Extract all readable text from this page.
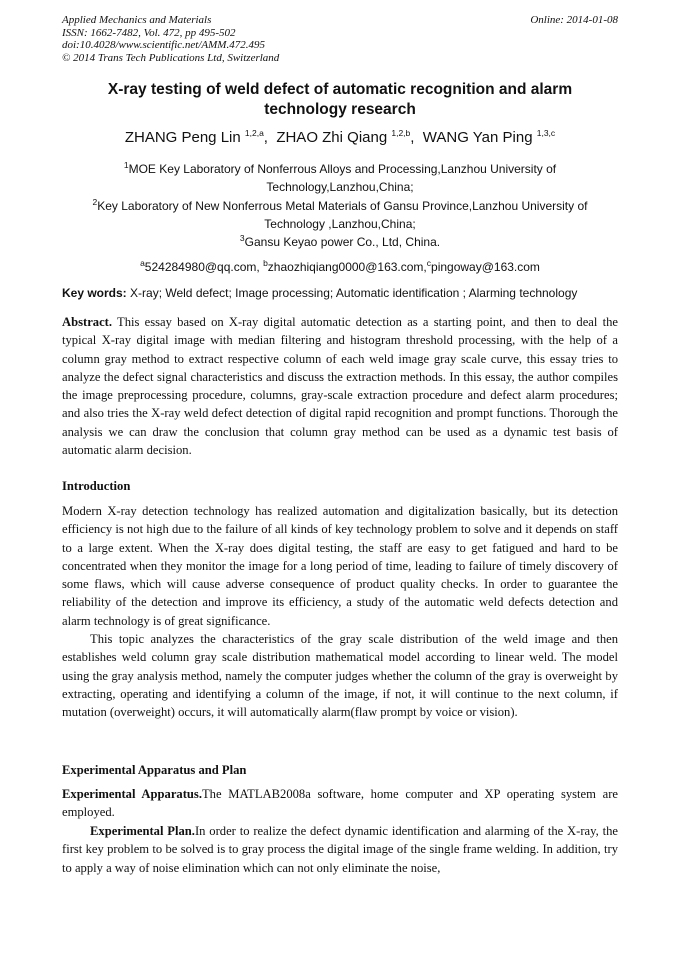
Applied Mechanics and Materials	Online: 2014-01-08
ISSN: 1662-7482, Vol. 472, pp 495-502
doi:10.4028/www.scientific.net/AMM.472.495
© 2014 Trans Tech Publications Ltd, Switzerland
X-ray testing of weld defect of automatic recognition and alarm
technology research
ZHANG Peng Lin $^{1,2,a}$,  ZHAO Zhi Qiang $^{1,2,b}$,  WANG Yan Ping $^{1,3,c}$
$^1$MOE Key Laboratory of Nonferrous Alloys and Processing,Lanzhou University of
Technology,Lanzhou,China;
$^2$Key Laboratory of New Nonferrous Metal Materials of Gansu Province,Lanzhou University of
Technology ,Lanzhou,China;
$^3$Gansu Keyao power Co., Ltd, China.
$^a$524284980@qq.com, $^b$zhaozhiqiang0000@163.com,$^c$pingoway@163.com
Key words: X-ray; Weld defect; Image processing; Automatic identification ; Alarming technology
Abstract. This essay based on X-ray digital automatic detection as a starting point, and then to deal the typical X-ray digital image with median filtering and histogram threshold processing, with the help of a column gray method to extract respective column of each weld image gray scale curve, this essay tries to analyze the defect signal characteristics and discuss the extraction methods. In this essay, the author compiles the image preprocessing procedure, columns, gray-scale extraction procedure and defect alarm procedures; and also tries the X-ray weld defect detection of digital rapid recognition and prompt functions. Thorough the analysis we can draw the conclusion that column gray method can be used as a dynamic test basis of automatic alarm decision.
Introduction
Modern X-ray detection technology has realized automation and digitalization basically, but its detection efficiency is not high due to the failure of all kinds of key technology problem to solve and it depends on staff to a large extent. When the X-ray does digital testing, the staff are easy to get fatigued and hard to be concentrated when they monitor the image for a long period of time, leading to failure of timely discovery of some flaws, which will cause adverse consequence of product quality checks. In order to guarantee the reliability of the detection and improve its efficiency, a study of the automatic weld defects detection and alarm technology is of great significance.
This topic analyzes the characteristics of the gray scale distribution of the weld image and then establishes weld column gray scale distribution mathematical model according to linear weld. The model using the gray analysis method, namely the computer judges whether the column of the gray is overweight by extracting, operating and identifying a column of the image, if not, it will continue to the next column, if mutation (overweight) occurs, it will automatically alarm(flaw prompt by voice or vision).
Experimental Apparatus and Plan
Experimental Apparatus.The MATLAB2008a software, home computer and XP operating system are employed.
Experimental Plan.In order to realize the defect dynamic identification and alarming of the X-ray, the first key problem to be solved is to gray process the digital image of the single frame welding. In addition, try to apply a way of noise elimination which can not only eliminate the noise,
